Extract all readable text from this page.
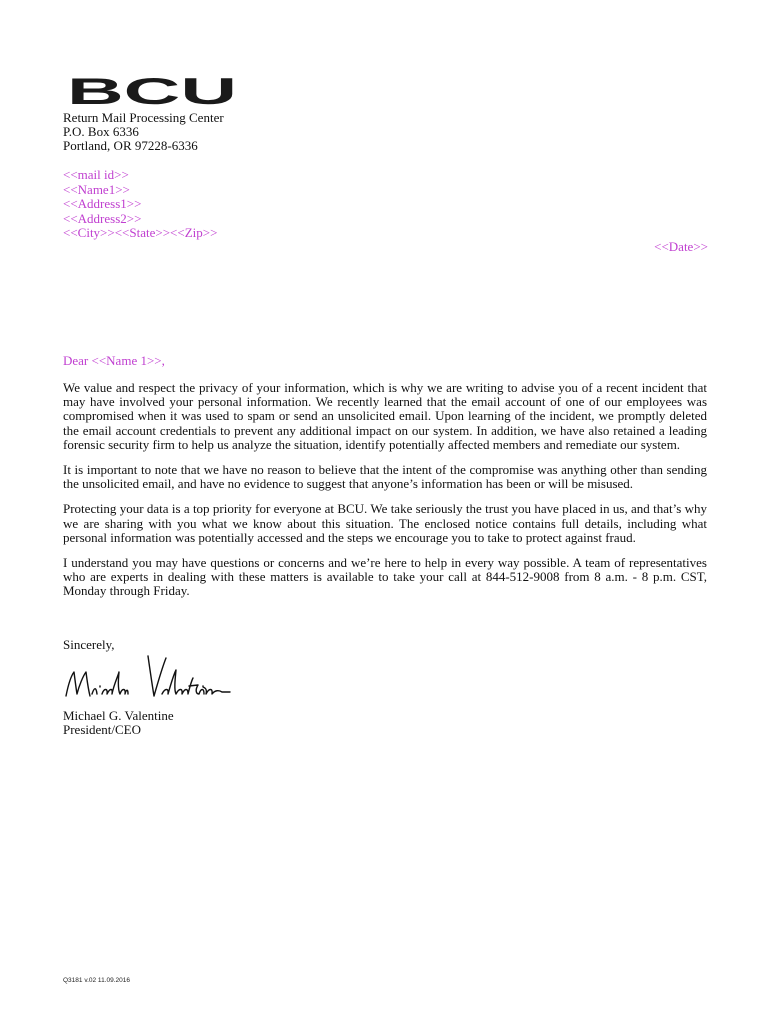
BCU
Return Mail Processing Center
P.O. Box 6336
Portland, OR 97228-6336
<<mail id>>
<<Name1>>
<<Address1>>
<<Address2>>
<<City>><<State>><<Zip>>
<<Date>>
Dear <<Name 1>>,

We value and respect the privacy of your information, which is why we are writing to advise you of a recent incident that may have involved your personal information. We recently learned that the email account of one of our employees was compromised when it was used to spam or send an unsolicited email. Upon learning of the incident, we promptly deleted the email account credentials to prevent any additional impact on our system. In addition, we have also retained a leading forensic security firm to help us analyze the situation, identify potentially affected members and remediate our system.

It is important to note that we have no reason to believe that the intent of the compromise was anything other than sending the unsolicited email, and have no evidence to suggest that anyone’s information has been or will be misused.

Protecting your data is a top priority for everyone at BCU. We take seriously the trust you have placed in us, and that’s why we are sharing with you what we know about this situation. The enclosed notice contains full details, including what personal information was potentially accessed and the steps we encourage you to take to protect against fraud.

I understand you may have questions or concerns and we’re here to help in every way possible. A team of representatives who are experts in dealing with these matters is available to take your call at 844-512-9008 from 8 a.m. - 8 p.m. CST, Monday through Friday.

Sincerely,
Michael G. Valentine
President/CEO
Q3181 v.02 11.09.2016
